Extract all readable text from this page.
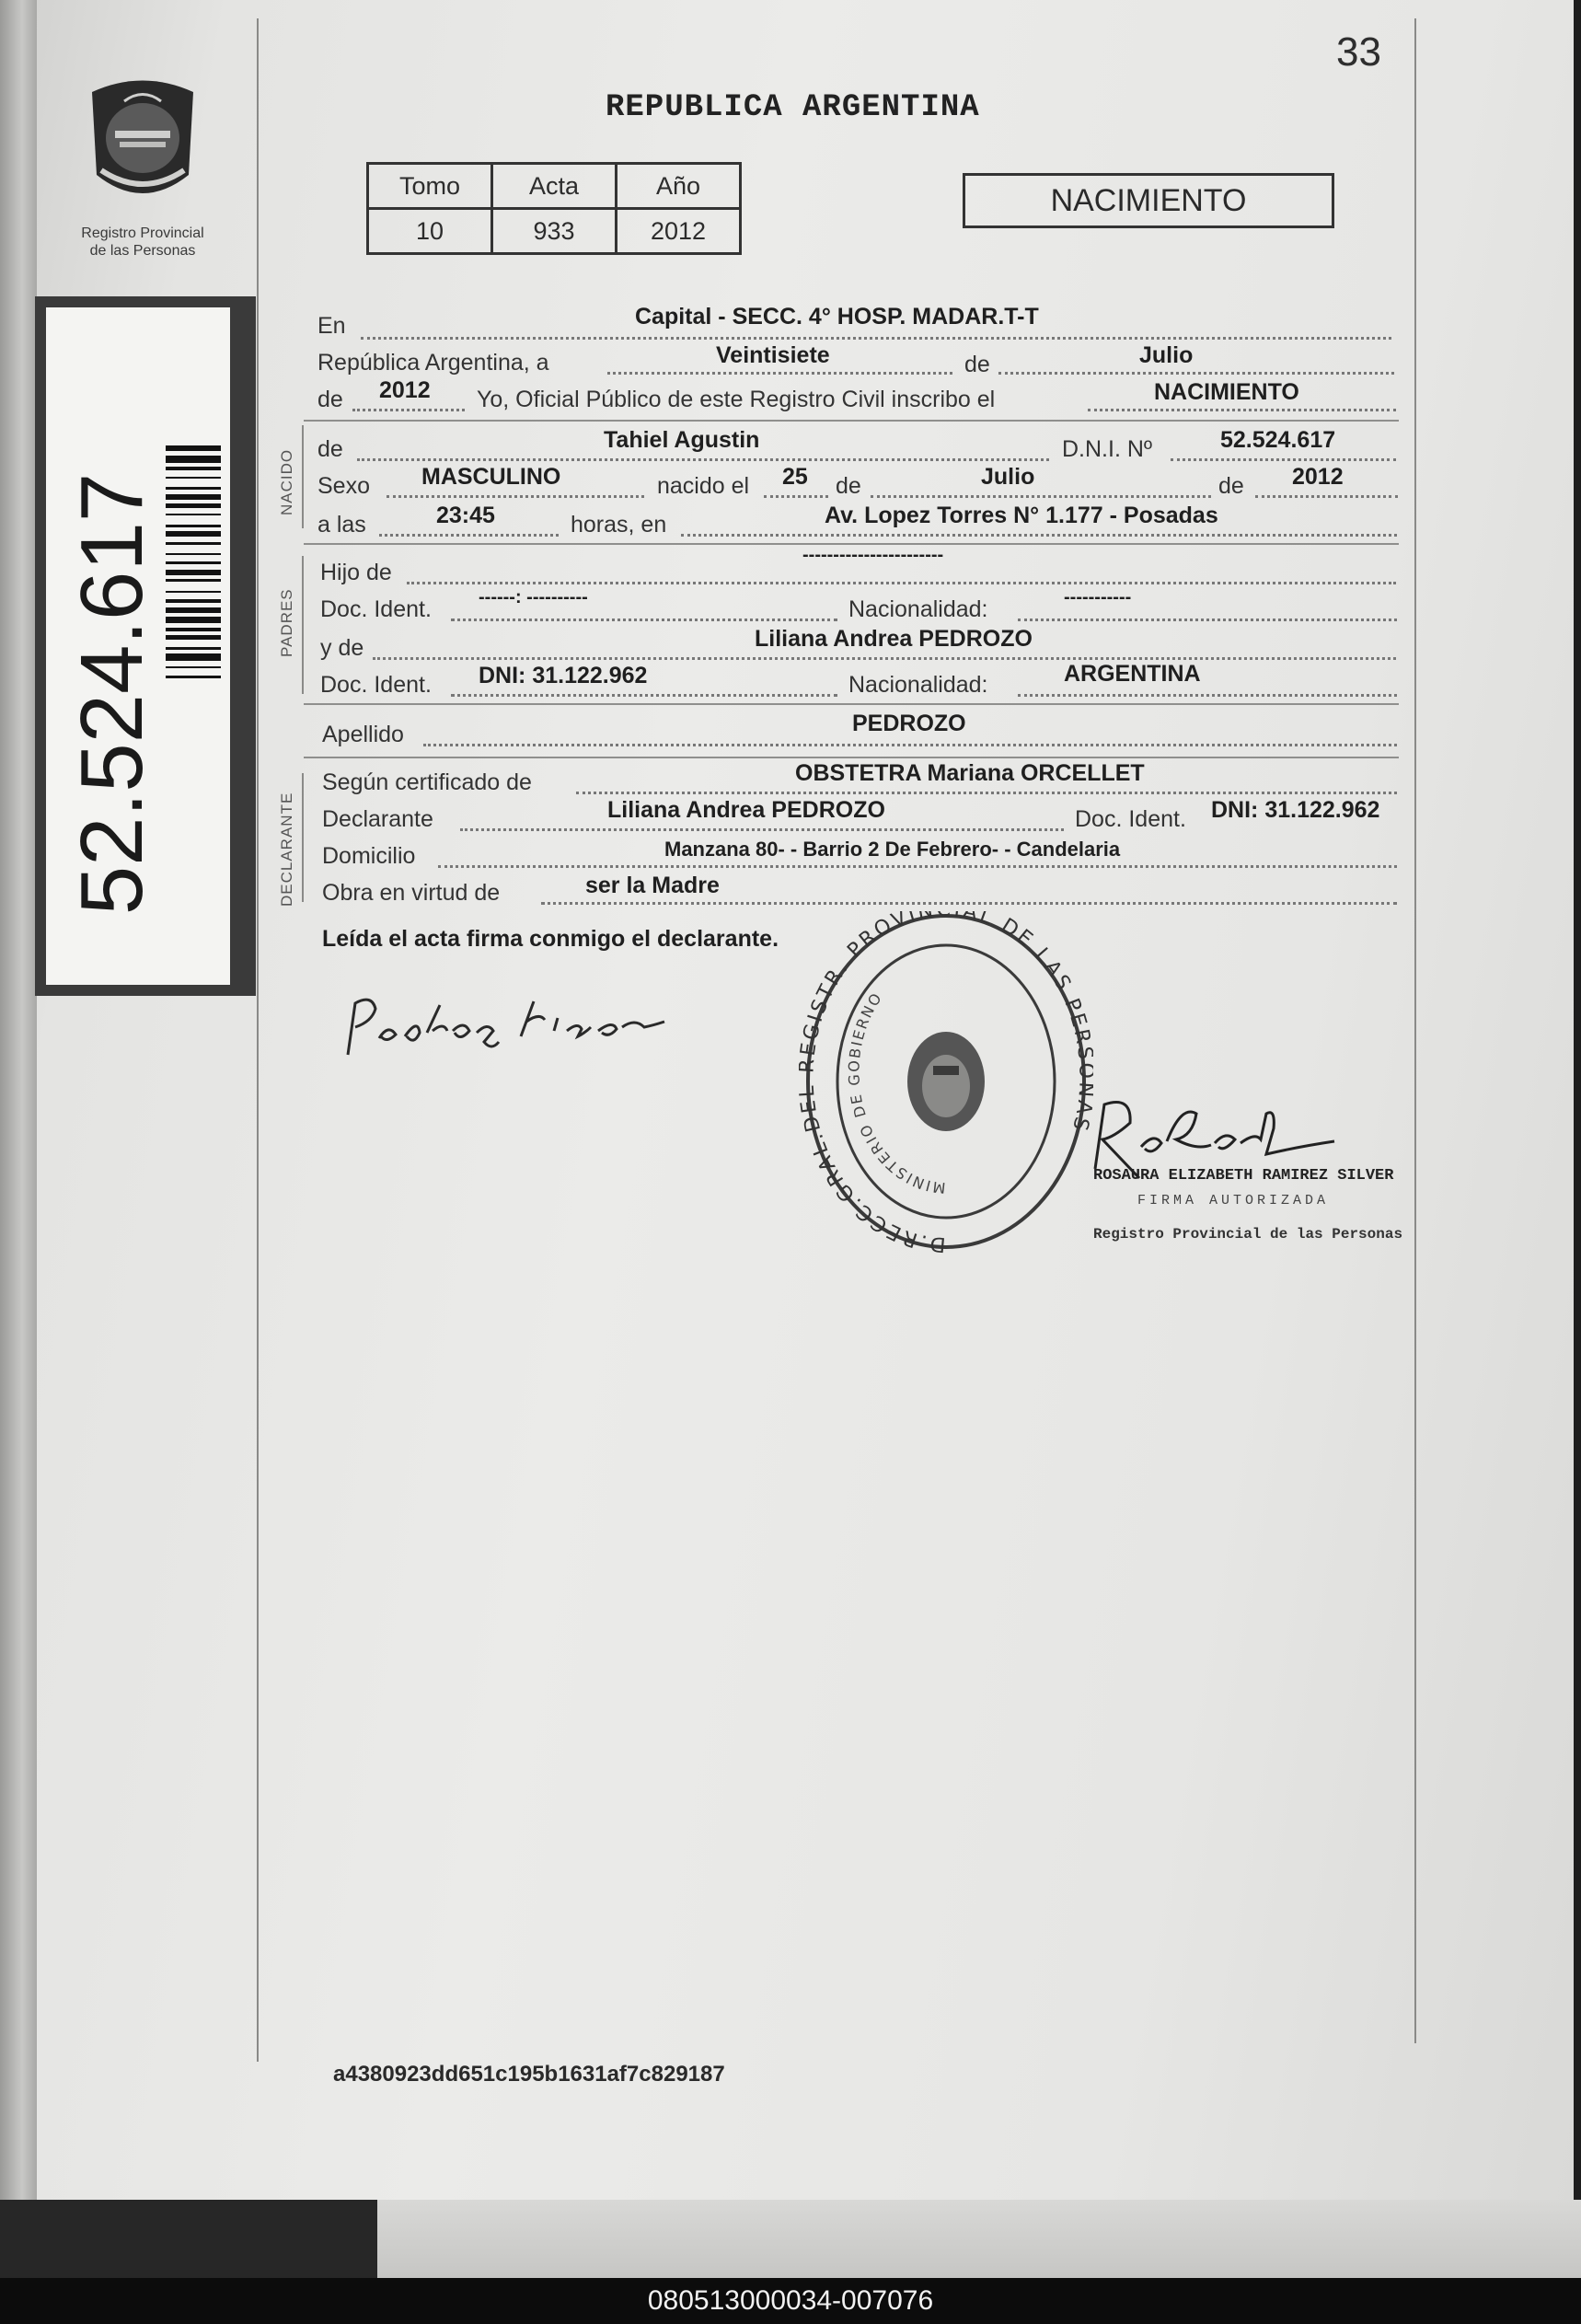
33
Registro Provincial
de las Personas
REPUBLICA ARGENTINA
Tomo	Acta	Año
10	933	2012
NACIMIENTO
52.524.617	NACIDO
PADRES
DECLARANTE
En	Capital - SECC. 4° HOSP. MADAR.T-T
República Argentina, a	Veintisiete	de	Julio
de 2012 Yo, Oficial Público de este Registro Civil inscribo el	NACIMIENTO
de	Tahiel Agustin	D.N.I. Nº	52.524.617
Sexo MASCULINO	nacido el 25 de	Julio	de 2012
a las	23:45	horas, en	Av. Lopez Torres N° 1.177 - Posadas
Hijo de
-----------------------
Doc. Ident.	------: ----------	Nacionalidad:	-----------
y de	Liliana Andrea PEDROZO
Doc. Ident. DNI: 31.122.962	Nacionalidad:	ARGENTINA
Apellido	PEDROZO
Según certificado de	OBSTETRA Mariana ORCELLET
Declarante	Liliana Andrea PEDROZO	Doc. Ident. DNI: 31.122.962
Domicilio	Manzana 80- - Barrio 2 De Febrero- - Candelaria
Obra en virtud de	ser la Madre
Leída el acta firma conmigo el declarante.
D.RECC.GRAL.DE EGISTR. PROVIN AL DE LAS PER S
MINISTERIO DE GOBIERNO
ROSAURA ELIZABETH RAMIREZ SILVER
FIRMA AUTORIZADA
Registro Provincial de las Personas
a4380923dd651c195b1631af7c829187
080513000034-007076
